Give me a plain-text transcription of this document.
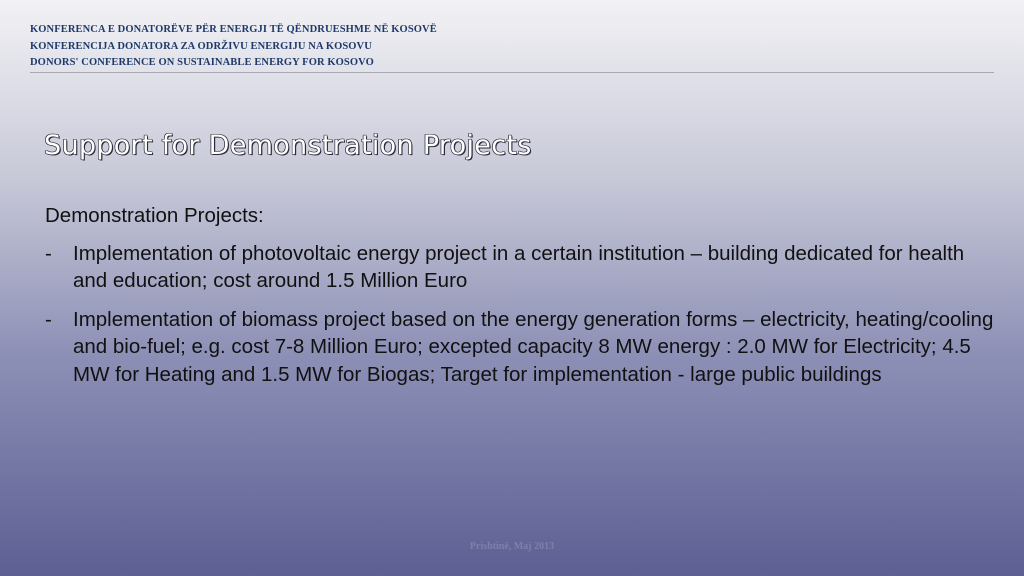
KONFERENCA E DONATORËVE PËR ENERGJI TË QËNDRUESHME NË KOSOVË
KONFERENCIJA DONATORA ZA ODRŽIVU ENERGIJU NA KOSOVU
DONORS' CONFERENCE ON SUSTAINABLE ENERGY FOR KOSOVO
Support for Demonstration Projects
Demonstration Projects:
- Implementation of photovoltaic energy project in a certain institution – building dedicated for health and education; cost around 1.5 Million Euro
- Implementation of biomass project based on the energy generation forms – electricity, heating/cooling and bio-fuel; e.g. cost 7-8 Million Euro; excepted capacity 8 MW energy : 2.0 MW for Electricity; 4.5 MW for Heating and 1.5 MW for Biogas; Target for implementation - large public buildings
Prishtinë, Maj 2013
